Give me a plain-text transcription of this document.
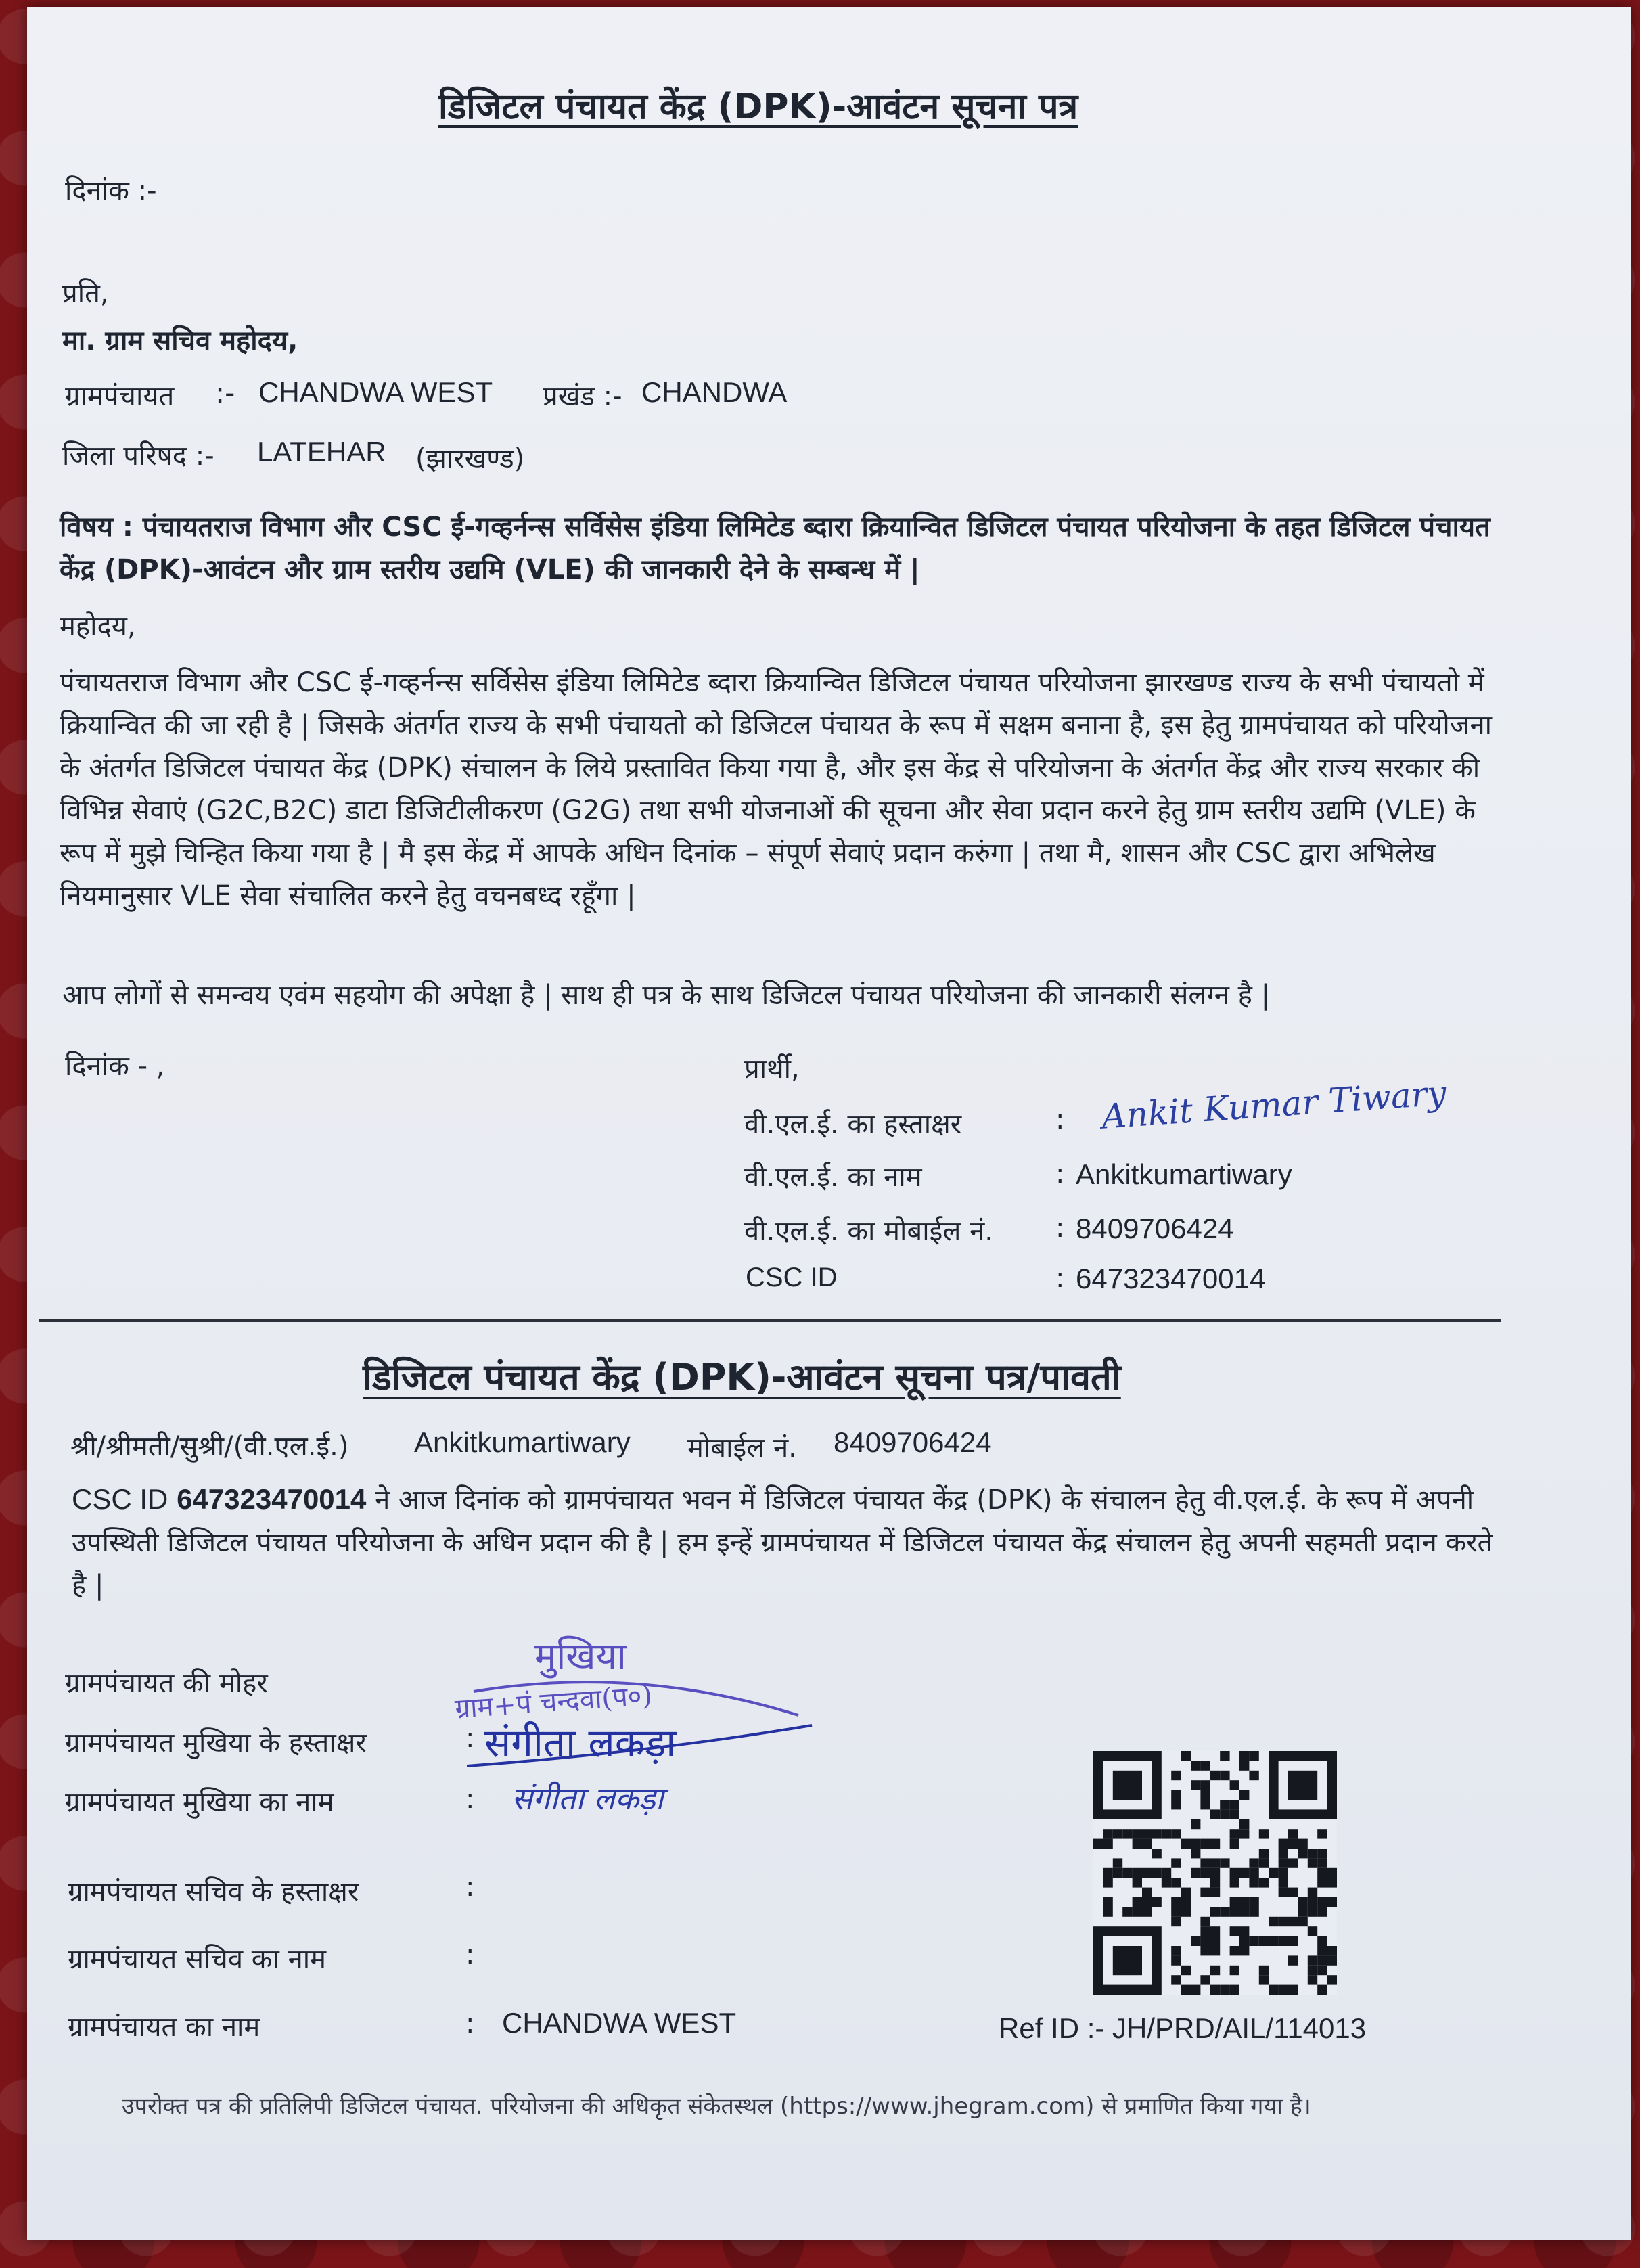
डिजिटल पंचायत केंद्र (DPK)-आवंटन सूचना पत्र
दिनांक :-
प्रति,
मा. ग्राम सचिव महोदय,
ग्रामपंचायत :- CHANDWA WEST प्रखंड :- CHANDWA
जिला परिषद :- LATEHAR (झारखण्ड)
विषय : पंचायतराज विभाग और CSC ई-गव्हर्नन्स सर्विसेस इंडिया लिमिटेड ब्दारा क्रियान्वित डिजिटल पंचायत परियोजना के तहत डिजिटल पंचायत केंद्र (DPK)-आवंटन और ग्राम स्तरीय उद्यमि (VLE) की जानकारी देने के सम्बन्ध में |
महोदय,
पंचायतराज विभाग और CSC ई-गव्हर्नन्स सर्विसेस इंडिया लिमिटेड ब्दारा क्रियान्वित डिजिटल पंचायत परियोजना झारखण्ड राज्य के सभी पंचायतो में क्रियान्वित की जा रही है | जिसके अंतर्गत राज्य के सभी पंचायतो को डिजिटल पंचायत के रूप में सक्षम बनाना है, इस हेतु ग्रामपंचायत को परियोजना के अंतर्गत डिजिटल पंचायत केंद्र (DPK) संचालन के लिये प्रस्तावित किया गया है, और इस केंद्र से परियोजना के अंतर्गत केंद्र और राज्य सरकार की विभिन्न सेवाएं (G2C,B2C) डाटा डिजिटीलीकरण (G2G) तथा सभी योजनाओं की सूचना और सेवा प्रदान करने हेतु ग्राम स्तरीय उद्यमि (VLE) के रूप में मुझे चिन्हित किया गया है | मै इस केंद्र में आपके अधिन दिनांक – संपूर्ण सेवाएं प्रदान करुंगा | तथा मै, शासन और CSC द्वारा अभिलेख नियमानुसार VLE सेवा संचालित करने हेतु वचनबध्द रहूँगा |
आप लोगों से समन्वय एवंम सहयोग की अपेक्षा है | साथ ही पत्र के साथ डिजिटल पंचायत परियोजना की जानकारी संलग्न है |
दिनांक - ,	प्रार्थी,
वी.एल.ई. का हस्ताक्षर	: Ankit Kumar Tiwary
वी.एल.ई. का नाम	: Ankitkumartiwary
वी.एल.ई. का मोबाईल नं. : 8409706424
CSC ID	: 647323470014
डिजिटल पंचायत केंद्र (DPK)-आवंटन सूचना पत्र/पावती
श्री/श्रीमती/सुश्री/(वी.एल.ई.) Ankitkumartiwary मोबाईल नं. 8409706424
CSC ID 647323470014 ने आज दिनांक को ग्रामपंचायत भवन में डिजिटल पंचायत केंद्र (DPK) के संचालन हेतु वी.एल.ई. के रूप में अपनी उपस्थिती डिजिटल पंचायत परियोजना के अधिन प्रदान की है | हम इन्हें ग्रामपंचायत में डिजिटल पंचायत केंद्र संचालन हेतु अपनी सहमती प्रदान करते है |
ग्रामपंचायत की मोहर
ग्रामपंचायत मुखिया के हस्ताक्षर	:
ग्रामपंचायत मुखिया का नाम	:
ग्रामपंचायत सचिव के हस्ताक्षर	:
ग्रामपंचायत सचिव का नाम	:
ग्रामपंचायत का नाम	: CHANDWA WEST
मुखिया
ग्राम+पं चन्दवा(प०)
संगीता लकड़ा
संगीता लकड़ा
Ref ID :- JH/PRD/AIL/114013
उपरोक्त पत्र की प्रतिलिपी डिजिटल पंचायत. परियोजना की अधिकृत संकेतस्थल (https://www.jhegram.com) से प्रमाणित किया गया है।
